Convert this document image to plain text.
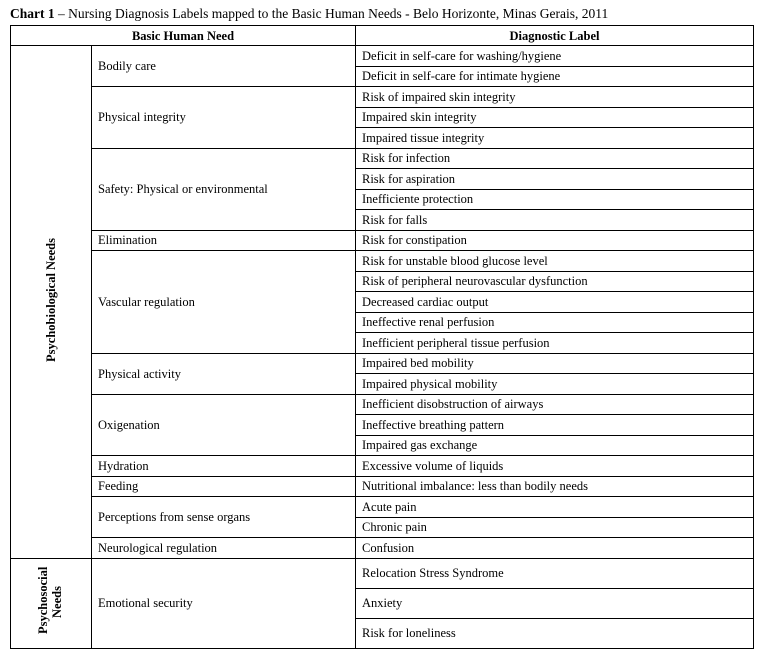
Chart 1 – Nursing Diagnosis Labels mapped to the Basic Human Needs - Belo Horizonte, Minas Gerais, 2011
Basic Human Need		Diagnostic Label
Psychobiological Needs	Bodily care	Deficit in self-care for washing/hygiene
		Deficit in self-care for intimate hygiene
	Physical integrity	Risk of impaired skin integrity
		Impaired skin integrity
		Impaired tissue integrity
	Safety: Physical or environmental	Risk for infection
		Risk for aspiration
		Inefficiente protection
		Risk for falls
	Elimination	Risk for constipation
	Vascular regulation	Risk for unstable blood glucose level
		Risk of peripheral neurovascular dysfunction
		Decreased cardiac output
		Ineffective renal perfusion
		Inefficient peripheral tissue perfusion
	Physical activity	Impaired bed mobility
		Impaired physical mobility
	Oxigenation	Inefficient disobstruction of airways
		Ineffective breathing pattern
		Impaired gas exchange
	Hydration	Excessive volume of liquids
	Feeding	Nutritional imbalance: less than bodily needs
	Perceptions from sense organs	Acute pain
		Chronic pain
	Neurological regulation	Confusion
Psychosocial Needs	Emotional security	Relocation Stress Syndrome
		Anxiety
		Risk for loneliness
